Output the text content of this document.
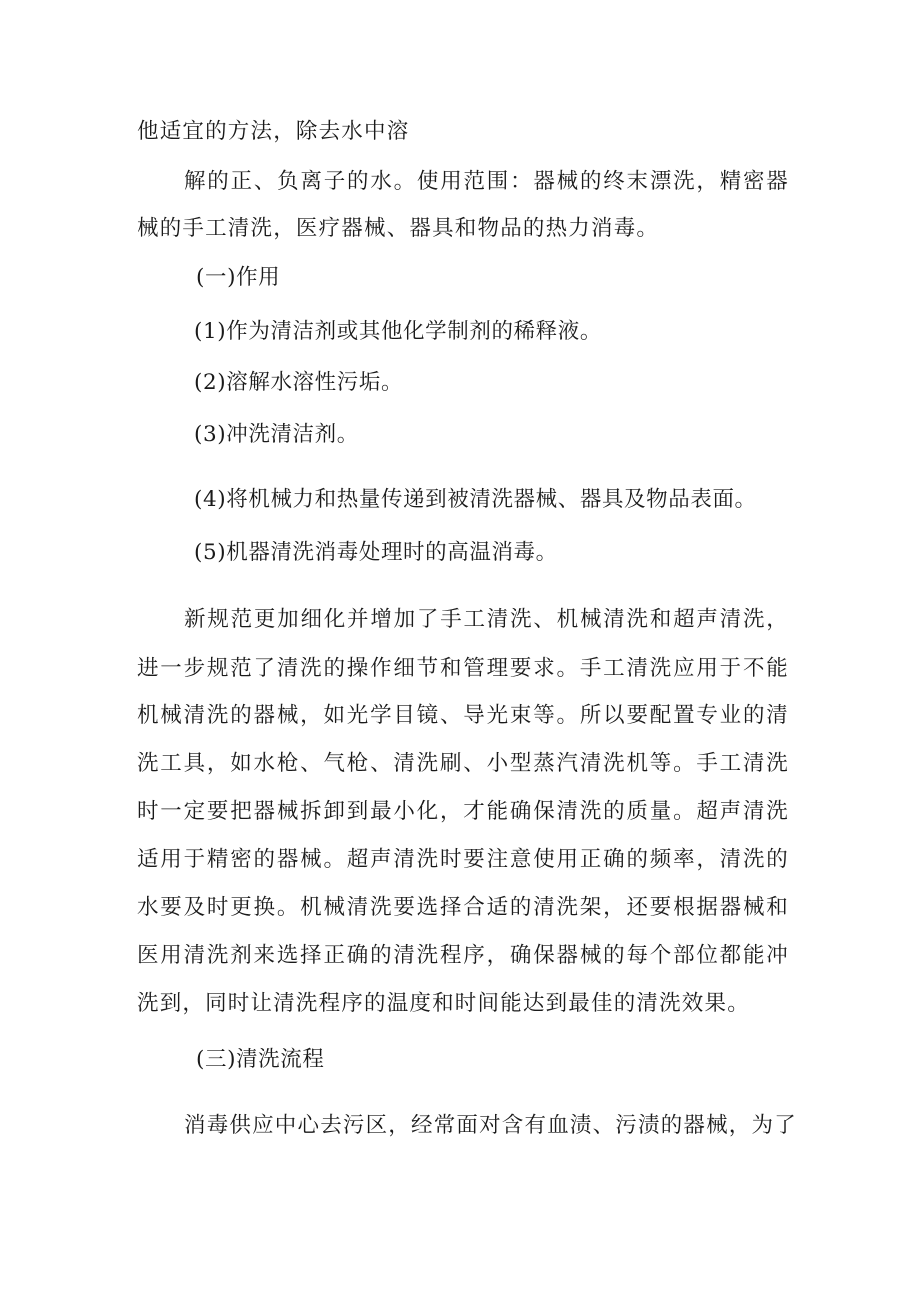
他适宜的方法，除去水中溶
解的正、负离子的水。使用范围：器械的终末漂洗，精密器
械的手工清洗，医疗器械、器具和物品的热力消毒。
(一)作用
(1)作为清洁剂或其他化学制剂的稀释液。
(2)溶解水溶性污垢。
(3)冲洗清洁剂。
(4)将机械力和热量传递到被清洗器械、器具及物品表面。
(5)机器清洗消毒处理时的高温消毒。
新规范更加细化并增加了手工清洗、机械清洗和超声清洗，
进一步规范了清洗的操作细节和管理要求。手工清洗应用于不能
机械清洗的器械，如光学目镜、导光束等。所以要配置专业的清
洗工具，如水枪、气枪、清洗刷、小型蒸汽清洗机等。手工清洗
时一定要把器械拆卸到最小化，才能确保清洗的质量。超声清洗
适用于精密的器械。超声清洗时要注意使用正确的频率，清洗的
水要及时更换。机械清洗要选择合适的清洗架，还要根据器械和
医用清洗剂来选择正确的清洗程序，确保器械的每个部位都能冲
洗到，同时让清洗程序的温度和时间能达到最佳的清洗效果。
(三)清洗流程
消毒供应中心去污区，经常面对含有血渍、污渍的器械，为了
